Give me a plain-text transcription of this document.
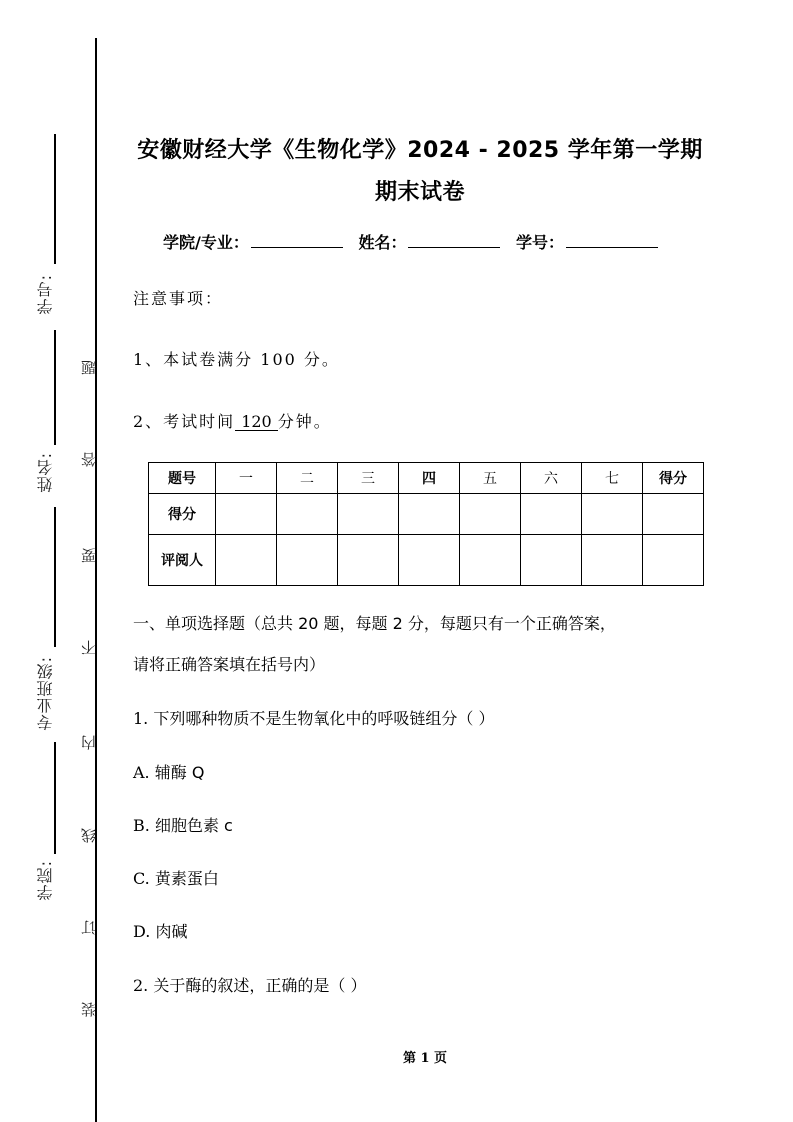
学号:
姓名:
专业班级:
学院:
题
答
要
不
内
线
订
装
安徽财经大学《生物化学》2024 - 2025 学年第一学期
期末试卷
学院/专业：	姓名：	学号：
注意事项：
1、本试卷满分 100 分。
2、考试时间 120 分钟。
题号	一	二	三	四	五	六	七	得分
得分								
评阅人								
一、单项选择题（总共 20 题，每题 2 分，每题只有一个正确答案，
请将正确答案填在括号内）
1. 下列哪种物质不是生物氧化中的呼吸链组分（ ）
A. 辅酶 Q
B. 细胞色素 c
C. 黄素蛋白
D. 肉碱
2. 关于酶的叙述，正确的是（ ）
第 1 页
